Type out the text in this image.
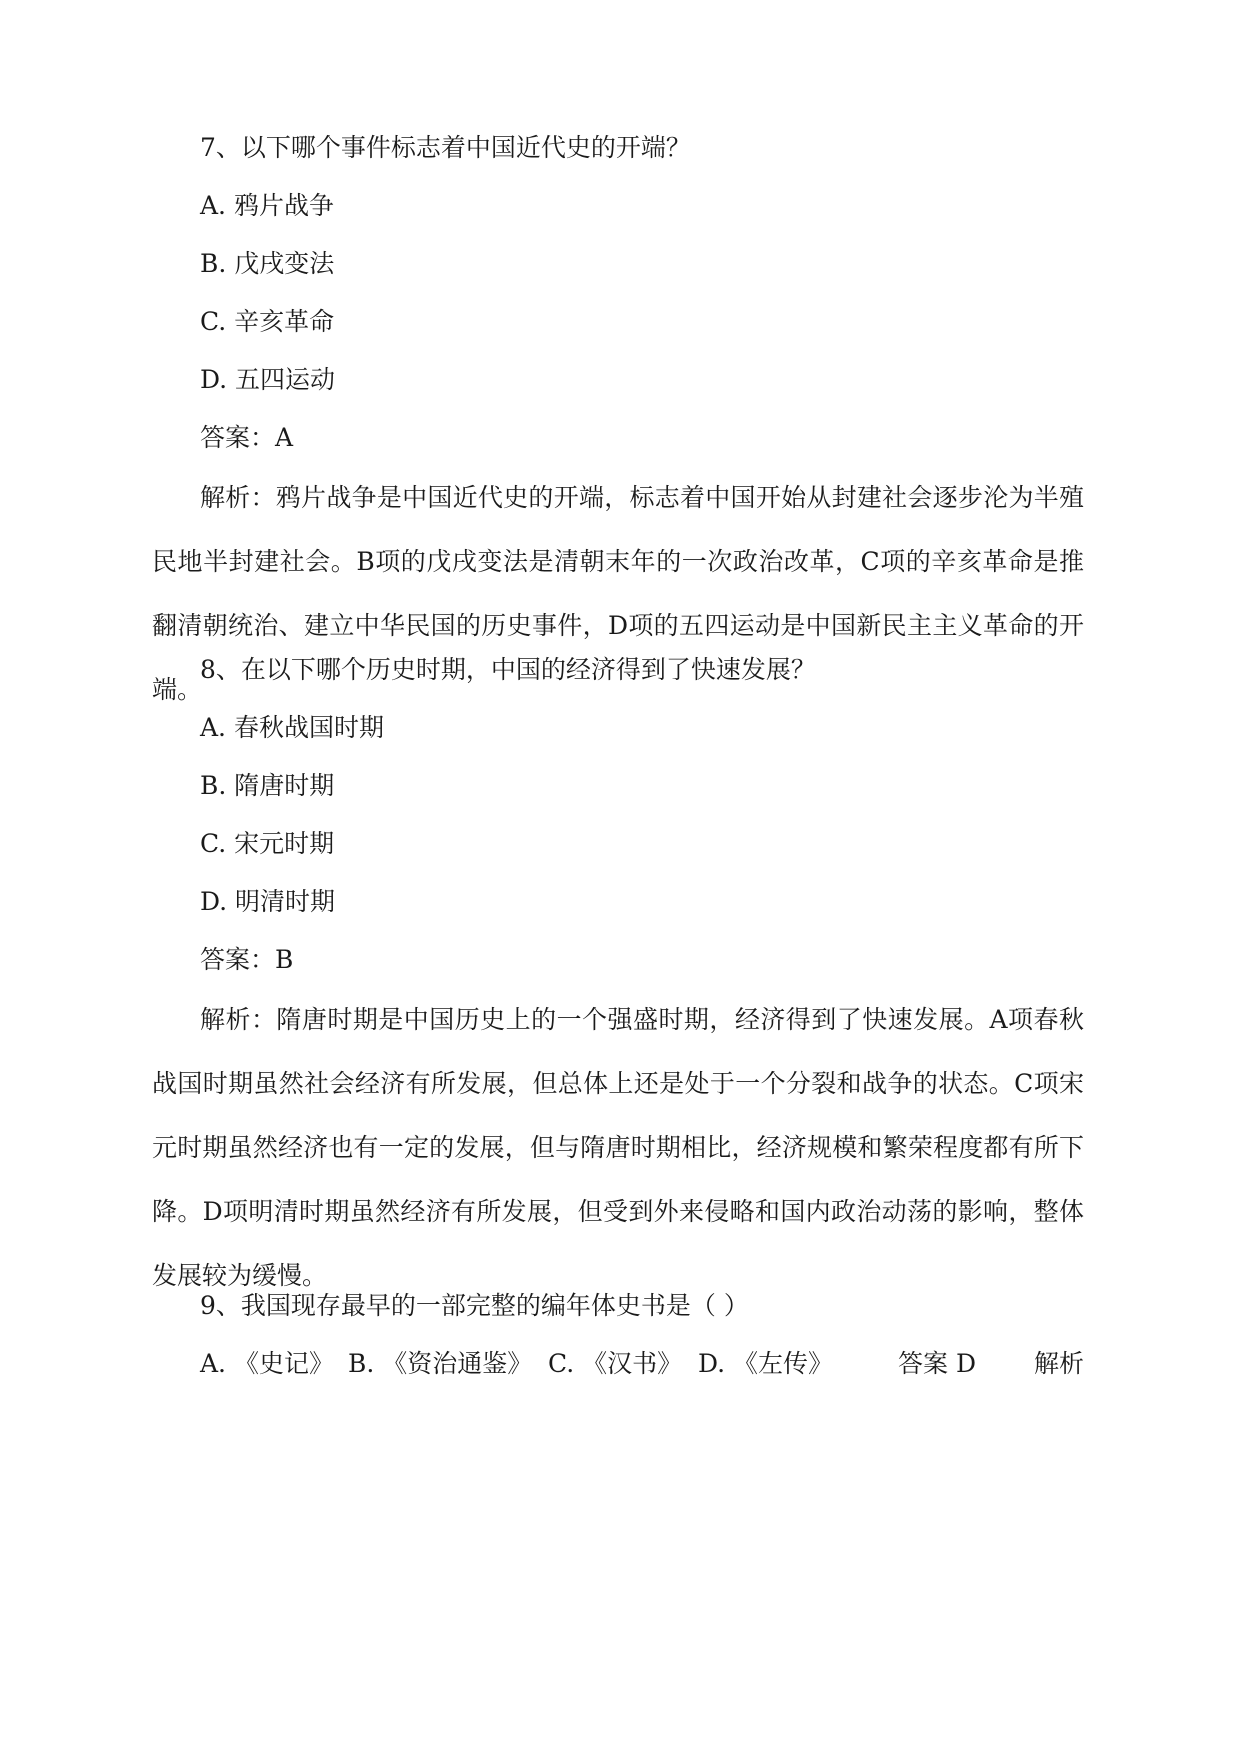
7、以下哪个事件标志着中国近代史的开端？
A. 鸦片战争
B. 戊戌变法
C. 辛亥革命
D. 五四运动
答案：A
解析：鸦片战争是中国近代史的开端，标志着中国开始从封建社会逐步沦为半殖民地半封建社会。B项的戊戌变法是清朝末年的一次政治改革，C项的辛亥革命是推翻清朝统治、建立中华民国的历史事件，D项的五四运动是中国新民主主义革命的开端。
8、在以下哪个历史时期，中国的经济得到了快速发展？
A. 春秋战国时期
B. 隋唐时期
C. 宋元时期
D. 明清时期
答案：B
解析：隋唐时期是中国历史上的一个强盛时期，经济得到了快速发展。A项春秋战国时期虽然社会经济有所发展，但总体上还是处于一个分裂和战争的状态。C项宋元时期虽然经济也有一定的发展，但与隋唐时期相比，经济规模和繁荣程度都有所下降。D项明清时期虽然经济有所发展，但受到外来侵略和国内政治动荡的影响，整体发展较为缓慢。
9、我国现存最早的一部完整的编年体史书是（ ）
A. 《史记》 B. 《资治通鉴》 C. 《汉书》 D. 《左传》	答案 D 解析
